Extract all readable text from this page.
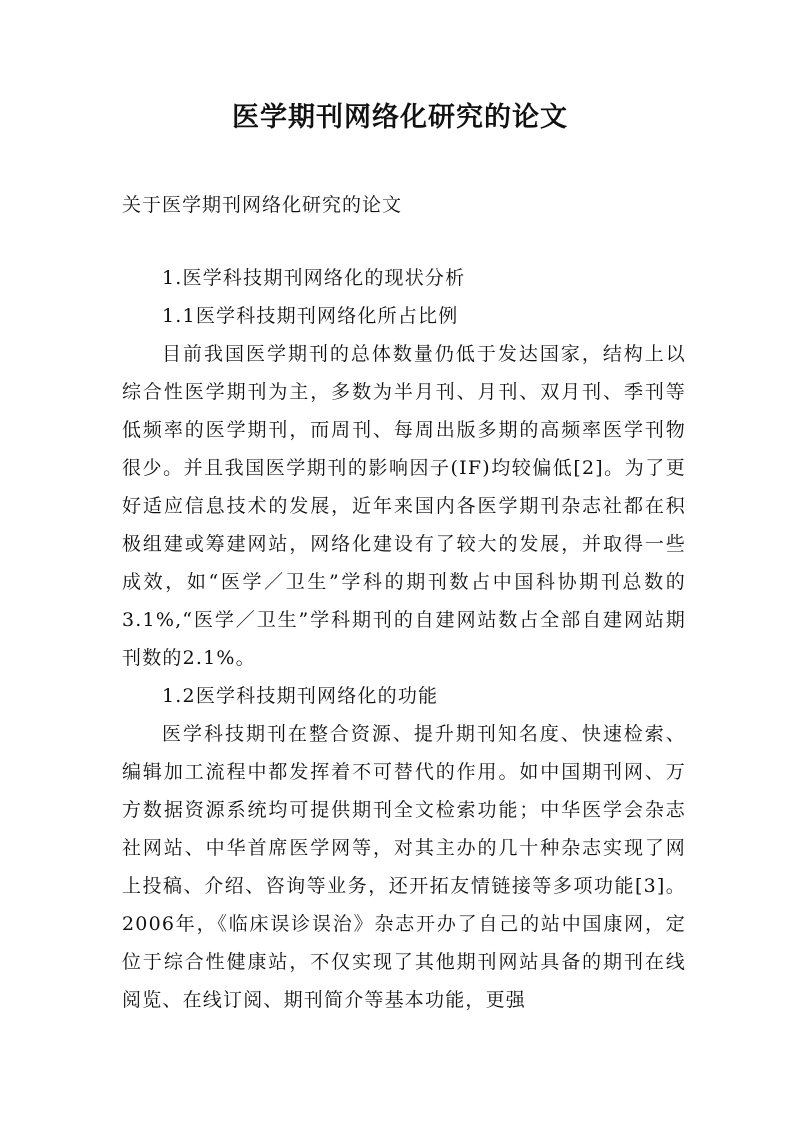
医学期刊网络化研究的论文

关于医学期刊网络化研究的论文

1.医学科技期刊网络化的现状分析

1.1医学科技期刊网络化所占比例

目前我国医学期刊的总体数量仍低于发达国家，结构上以综合性医学期刊为主，多数为半月刊、月刊、双月刊、季刊等低频率的医学期刊，而周刊、每周出版多期的高频率医学刊物很少。并且我国医学期刊的影响因子(IF)均较偏低[2]。为了更好适应信息技术的发展，近年来国内各医学期刊杂志社都在积极组建或筹建网站，网络化建设有了较大的发展，并取得一些成效，如“医学／卫生”学科的期刊数占中国科协期刊总数的3.1%,“医学／卫生”学科期刊的自建网站数占全部自建网站期刊数的2.1%。

1.2医学科技期刊网络化的功能

医学科技期刊在整合资源、提升期刊知名度、快速检索、编辑加工流程中都发挥着不可替代的作用。如中国期刊网、万方数据资源系统均可提供期刊全文检索功能；中华医学会杂志社网站、中华首席医学网等，对其主办的几十种杂志实现了网上投稿、介绍、咨询等业务，还开拓友情链接等多项功能[3]。2006年，《临床误诊误治》杂志开办了自己的站中国康网，定位于综合性健康站，不仅实现了其他期刊网站具备的期刊在线阅览、在线订阅、期刊简介等基本功能，更强
